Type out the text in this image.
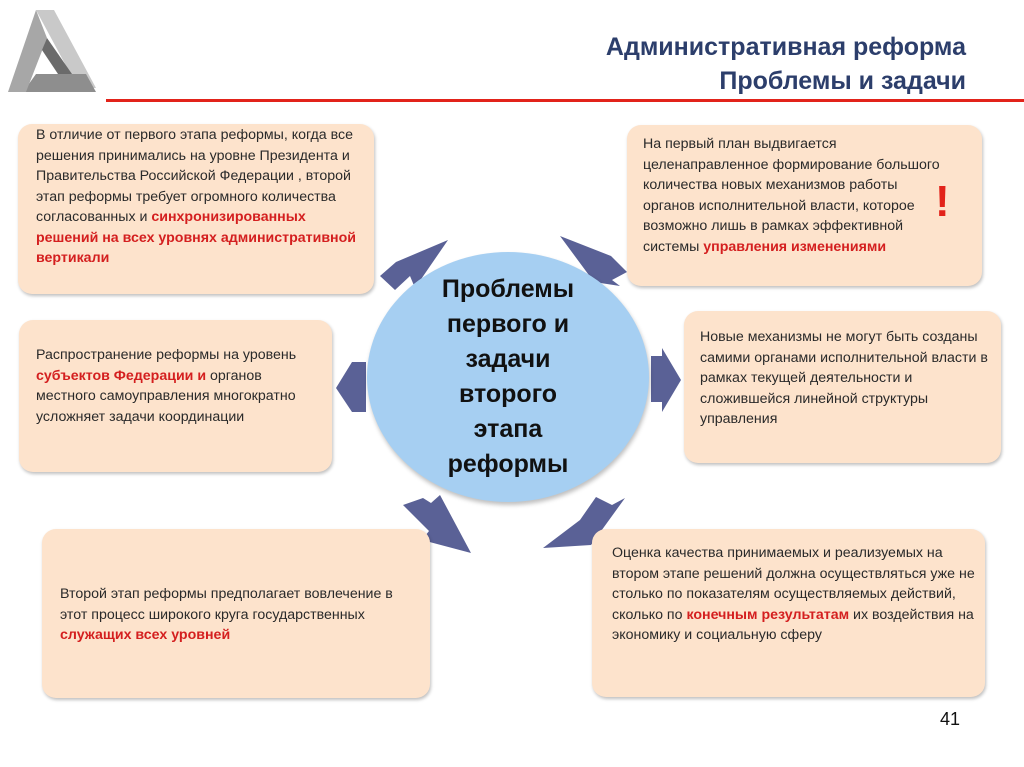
Административная реформа
Проблемы и задачи
Проблемы
первого и
задачи
второго
этапа
реформы
В отличие от первого этапа реформы, когда все решения принимались на уровне Президента и Правительства Российской Федерации , второй этап реформы требует огромного количества согласованных и синхронизированных решений на всех уровнях административной вертикали
На первый план выдвигается целенаправленное формирование большого количества новых механизмов работы органов исполнительной власти, которое возможно лишь в рамках эффективной системы управления изменениями
!
Распространение реформы на уровень субъектов Федерации и органов местного самоуправления многократно усложняет задачи координации
Новые механизмы не могут быть созданы самими органами исполнительной власти в рамках текущей деятельности и сложившейся линейной структуры управления
Второй этап реформы предполагает вовлечение в этот процесс широкого круга государственных служащих всех уровней
Оценка качества принимаемых и реализуемых на втором этапе решений должна осуществляться уже не столько по показателям осуществляемых действий, сколько по конечным результатам их воздействия на экономику и социальную сферу
41
